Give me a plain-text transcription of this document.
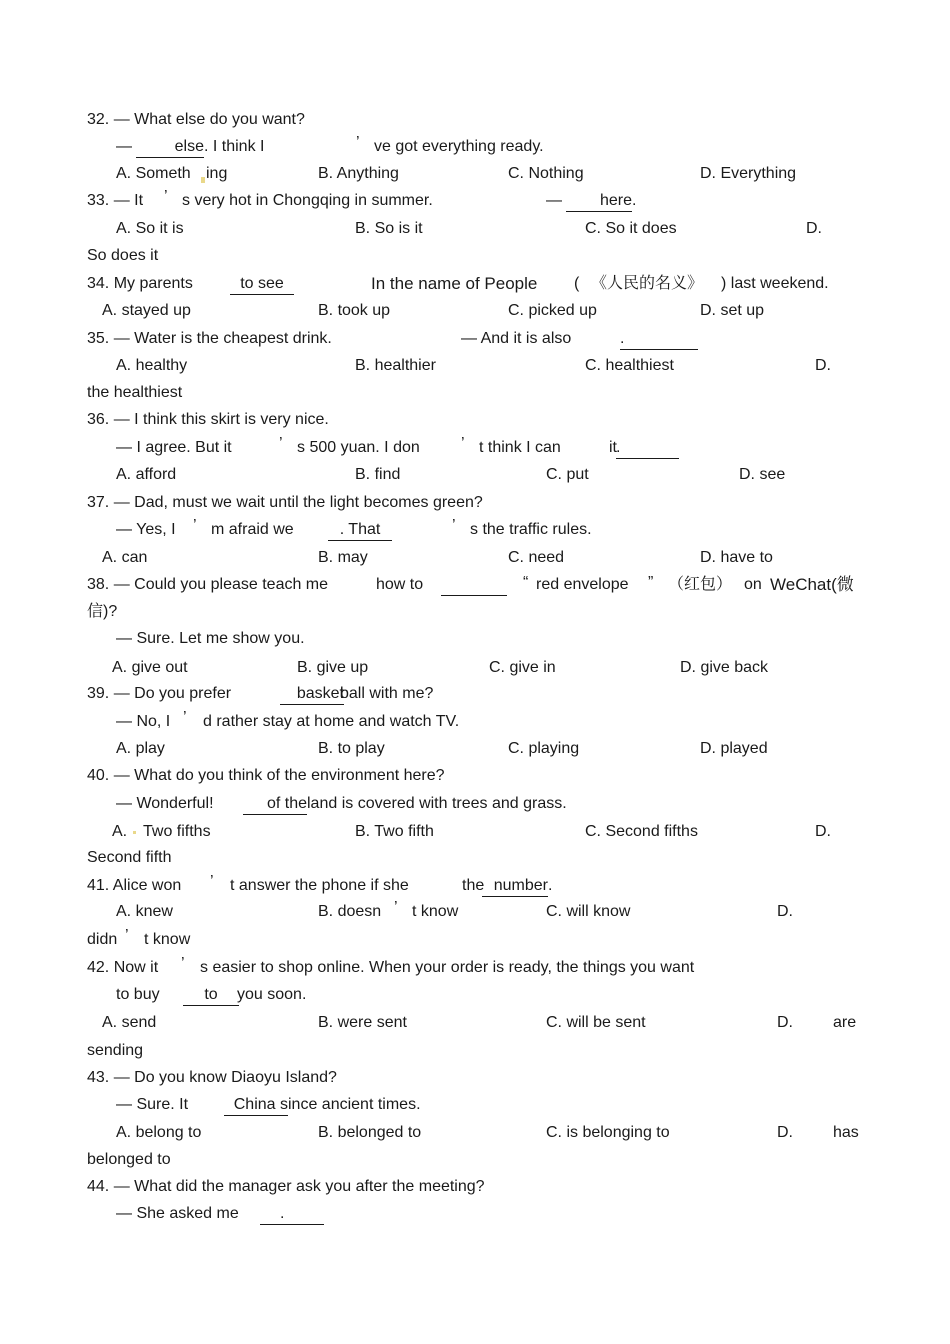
32. — What else do you want?
—	else . I think I	’ ve got everything ready.
A. Someth ing	B. Anything	C. Nothing	D. Everything
33. — It ’ s very hot in Chongqing in summer.	—	here .
A. So it is	B. So is it	C. So it does	D.
So does it
34. My parents	to see	In the name of People ( 《人民的名义》 ) last weekend.
A. stayed up	B. took up	C. picked up	D. set up
35. — Water is the cheapest drink.	— And it is also	.
A. healthy	B. healthier	C. healthiest	D.
the healthiest
36. — I think this skirt is very nice.
— I agree. But it	’ s 500 yuan. I don	’ t think I can	it .
A. afford	B. find	C. put	D. see
37. — Dad, must we wait until the light becomes green?
— Yes, I ’ m afraid we	. That	’ s the traffic rules.
A. can	B. may	C. need	D. have to
38. — Could you please teach me	how to	“ red envelope ” （红包） on WeChat(微
信)?
— Sure. Let me show you.
A. give out	B. give up	C. give in	D. give back
39. — Do you prefer	basket
ball with me?
— No, I ’ d rather stay at home and watch TV.
A. play	B. to play	C. playing	D. played
40. — What do you think of the environment here?
— Wonderful!	of the land is covered with trees and grass.
A. Two fifths	B. Two fifth	C. Second fifths	D.
Second fifth
41. Alice won ’ t answer the phone if she	the number .
A. knew	B. doesn ’ t know	C. will know	D.
didn ’ t know
42. Now it ’ s easier to shop online. When your order is ready, the things you want
to buy	to	you soon.
A. send	B. were sent	C. will be sent	D.	are
sending
43. — Do you know Diaoyu Island?
— Sure. It	China s ince ancient times.
A. belong to	B. belonged to	C. is belonging to	D.	has
belonged to
44. — What did the manager ask you after the meeting?
— She asked me	.
